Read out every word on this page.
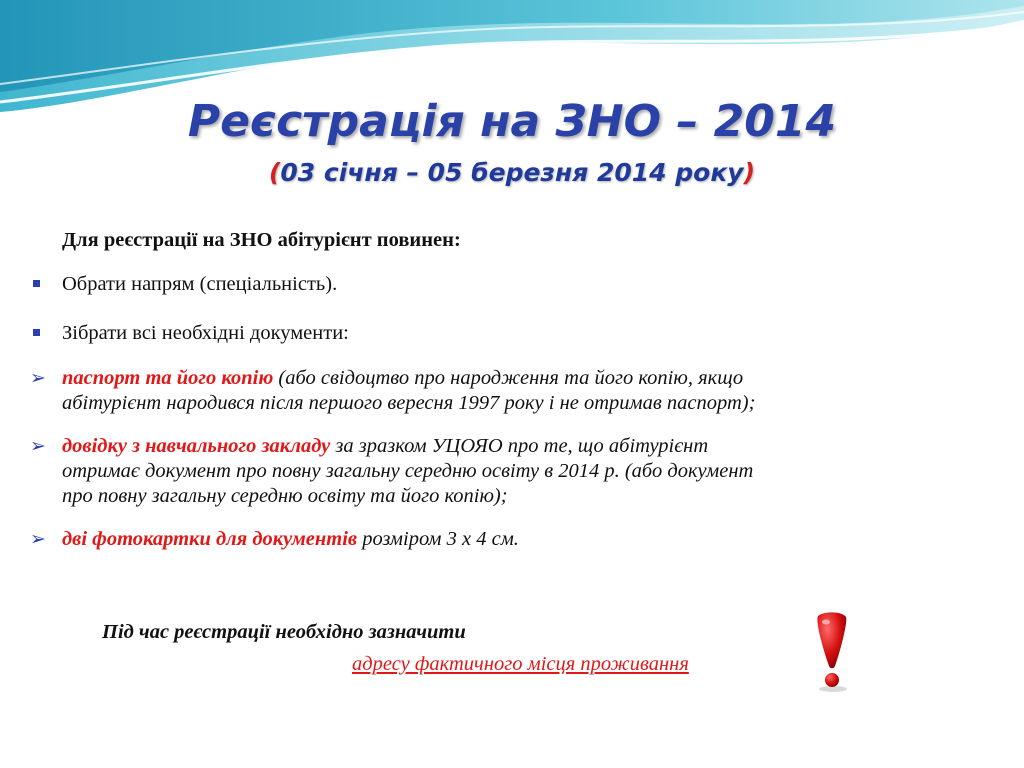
Реєстрація на ЗНО – 2014
(03 січня – 05 березня 2014 року)
Для реєстрації на ЗНО абітурієнт повинен:
Обрати напрям (спеціальність).
Зібрати всі необхідні документи:
➢ паспорт та його копію (або свідоцтво про народження та його копію, якщо
абітурієнт народився після першого вересня 1997 року і не отримав паспорт);
➢ довідку з навчального закладу за зразком УЦОЯО про те, що абітурієнт
отримає документ про повну загальну середню освіту в 2014 р. (або документ
про повну загальну середню освіту та його копію);
➢ дві фотокартки для документів розміром 3 х 4 см.
Під час реєстрації необхідно зазначити
адресу фактичного місця проживання
